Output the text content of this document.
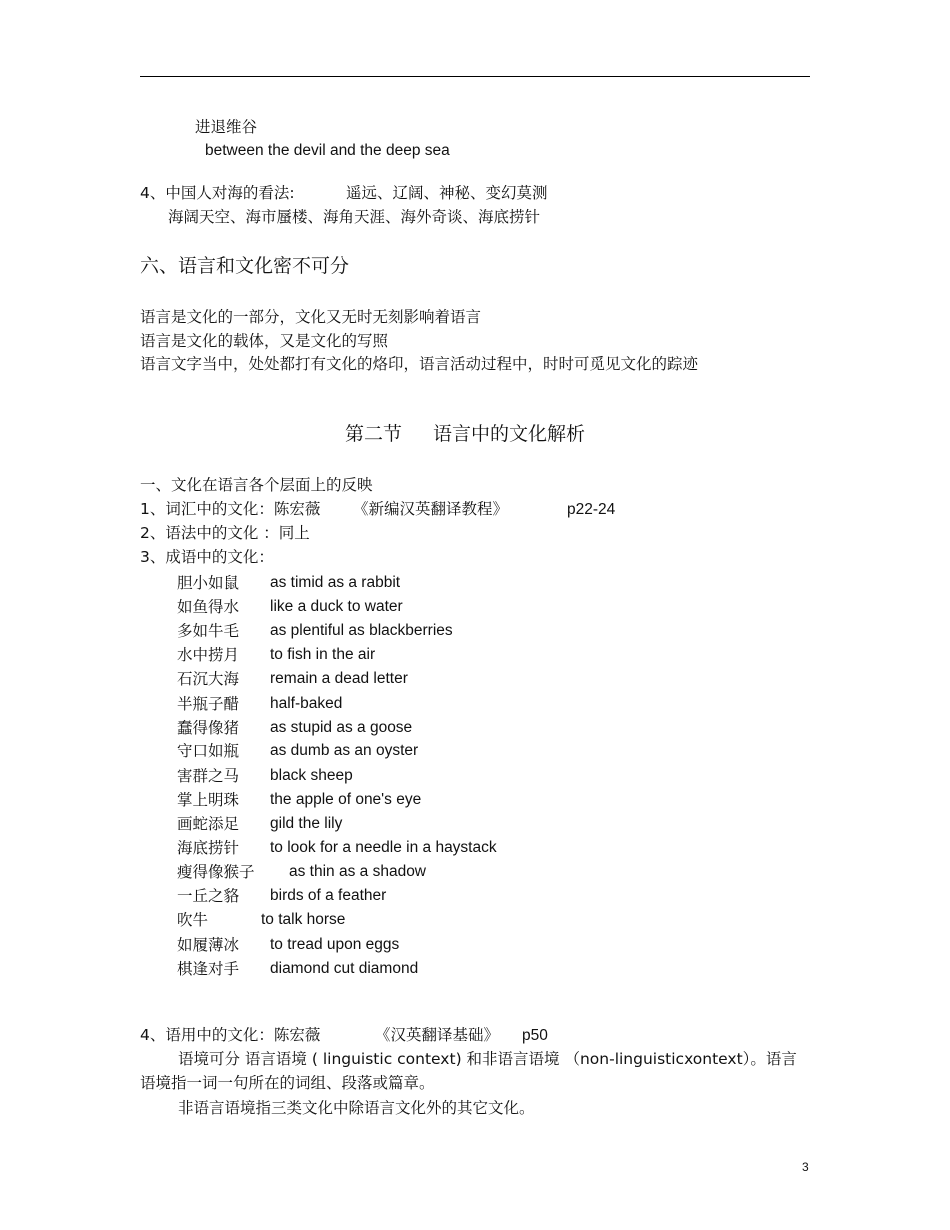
进退维谷
between the devil and the deep sea
4、中国人对海的看法:	遥远、辽阔、神秘、变幻莫测
海阔天空、海市蜃楼、海角天涯、海外奇谈、海底捞针
六、语言和文化密不可分
语言是文化的一部分，文化又无时无刻影响着语言
语言是文化的载体，又是文化的写照
语言文字当中，处处都打有文化的烙印，语言活动过程中，时时可觅见文化的踪迹
第二节 语言中的文化解析
一、文化在语言各个层面上的反映
1、词汇中的文化：陈宏薇 《新编汉英翻译教程》	p22-24
2、语法中的文化 ：同上
3、成语中的文化：
胆小如鼠 as timid as a rabbit
如鱼得水 like a duck to water
多如牛毛 as plentiful as blackberries
水中捞月 to fish in the air
石沉大海 remain a dead letter
半瓶子醋 half-baked
蠢得像猪 as stupid as a goose
守口如瓶 as dumb as an oyster
害群之马 black sheep
掌上明珠 the apple of one's eye
画蛇添足 gild the lily
海底捞针 to look for a needle in a haystack
瘦得像猴子 as thin as a shadow
一丘之貉 birds of a feather
吹牛	to talk horse
如履薄冰 to tread upon eggs
棋逢对手 diamond cut diamond
4、语用中的文化：陈宏薇	《汉英翻译基础》 p50
语境可分 语言语境 ( linguistic context) 和非语言语境 （non-linguisticxontext）。语言语境指一词一句所在的词组、段落或篇章。
非语言语境指三类文化中除语言文化外的其它文化。
3
